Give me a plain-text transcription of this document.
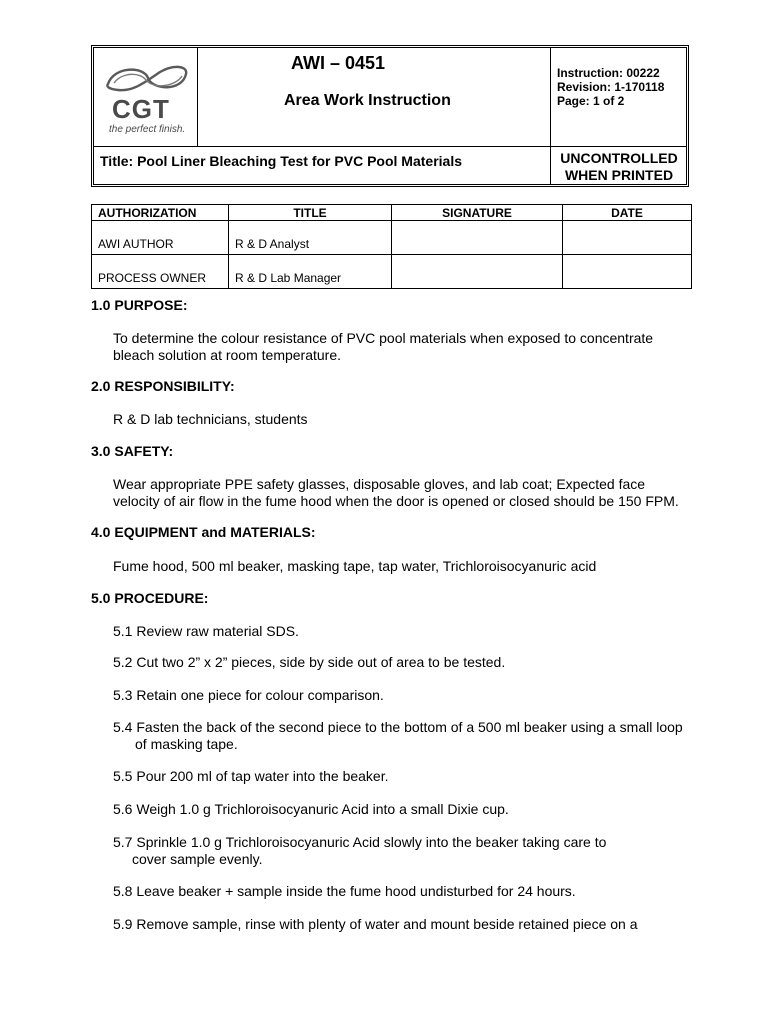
CGT
the perfect finish.
AWI – 0451
Area Work Instruction
Instruction: 00222
Revision: 1-170118
Page: 1 of 2
Title: Pool Liner Bleaching Test for PVC Pool Materials	UNCONTROLLED
WHEN PRINTED
AUTHORIZATION	TITLE	SIGNATURE	DATE
AWI AUTHOR	R & D Analyst		
PROCESS OWNER	R & D Lab Manager		
1.0 PURPOSE:
To determine the colour resistance of PVC pool materials when exposed to concentrate
bleach solution at room temperature.
2.0 RESPONSIBILITY:
R & D lab technicians, students
3.0 SAFETY:
Wear appropriate PPE safety glasses, disposable gloves, and lab coat; Expected face
velocity of air flow in the fume hood when the door is opened or closed should be 150 FPM.
4.0 EQUIPMENT and MATERIALS:
Fume hood, 500 ml beaker, masking tape, tap water, Trichloroisocyanuric acid
5.0 PROCEDURE:
5.1 Review raw material SDS.
5.2 Cut two 2” x 2” pieces, side by side out of area to be tested.
5.3 Retain one piece for colour comparison.
5.4 Fasten the back of the second piece to the bottom of a 500 ml beaker using a small loop
of masking tape.
5.5 Pour 200 ml of tap water into the beaker.
5.6 Weigh 1.0 g Trichloroisocyanuric Acid into a small Dixie cup.
5.7 Sprinkle 1.0 g Trichloroisocyanuric Acid slowly into the beaker taking care to
cover sample evenly.
5.8 Leave beaker + sample inside the fume hood undisturbed for 24 hours.
5.9 Remove sample, rinse with plenty of water and mount beside retained piece on a
